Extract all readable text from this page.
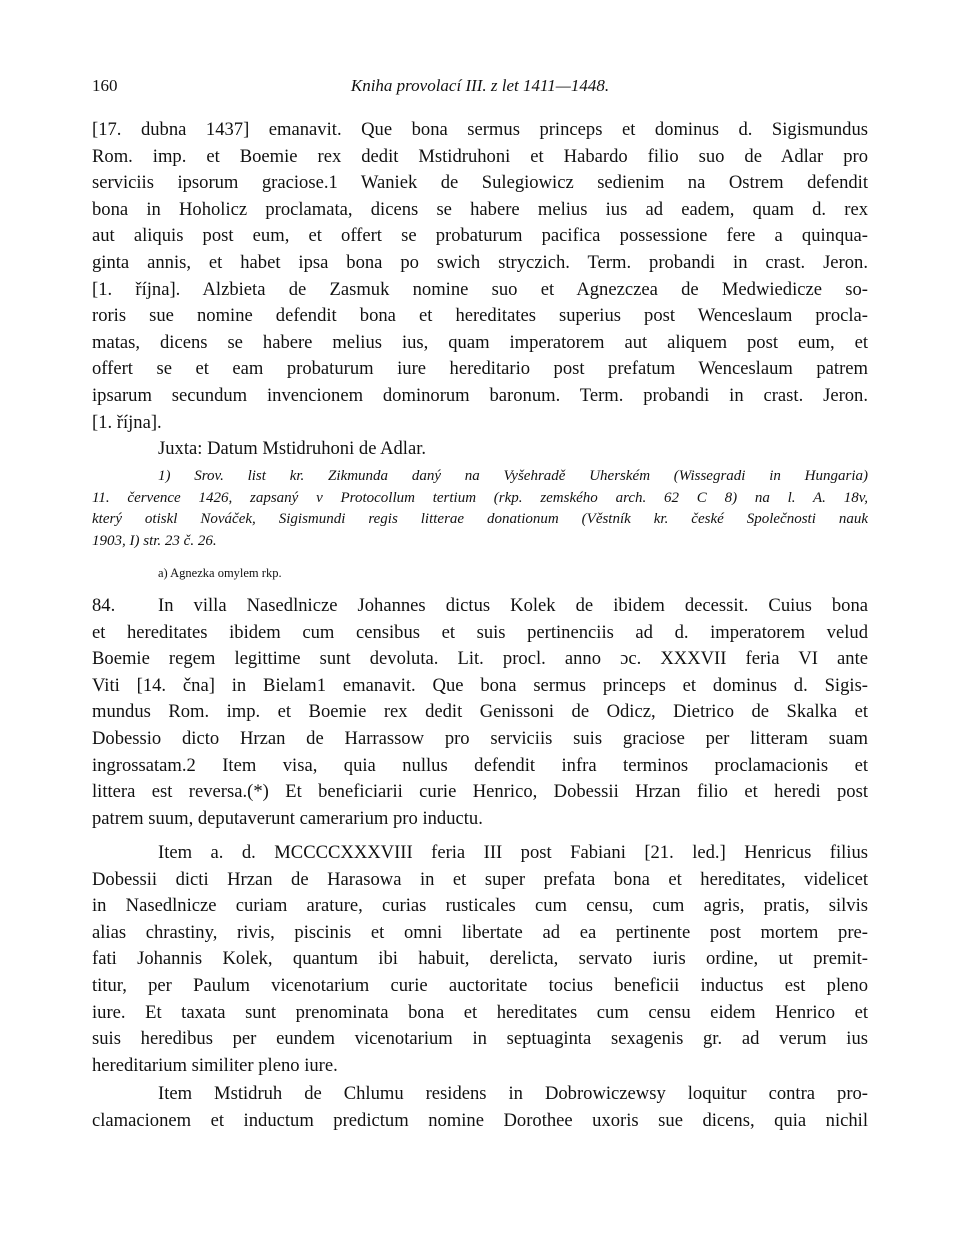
160	Kniha provolací III. z let 1411—1448.
[17. dubna 1437] emanavit. Que bona sermus princeps et dominus d. Sigismundus
Rom. imp. et Boemie rex dedit Mstidruhoni et Habardo filio suo de Adlar pro
serviciis ipsorum graciose.1 Waniek de Sulegiowicz sedienim na Ostrem defendit
bona in Hoholicz proclamata, dicens se habere melius ius ad eadem, quam d. rex
aut aliquis post eum, et offert se probaturum pacifica possessione fere a quinqua-
ginta annis, et habet ipsa bona po swich stryczich. Term. probandi in crast. Jeron.
[1. října]. Alzbieta de Zasmuk nomine suo et Agnezczea de Medwiedicze so-
roris sue nomine defendit bona et hereditates superius post Wenceslaum procla-
matas, dicens se habere melius ius, quam imperatorem aut aliquem post eum, et
offert se et eam probaturum iure hereditario post prefatum Wenceslaum patrem
ipsarum secundum invencionem dominorum baronum. Term. probandi in crast. Jeron.
[1. října].
Juxta: Datum Mstidruhoni de Adlar.
1) Srov. list kr. Zikmunda daný na Vyšehradě Uherském (Wissegradi in Hungaria)
11. července 1426, zapsaný v Protocollum tertium (rkp. zemského arch. 62 C 8) na l. A. 18v,
který otiskl Nováček, Sigismundi regis litterae donationum (Věstník kr. české Společnosti nauk
1903, I) str. 23 č. 26.
a) Agnezka omylem rkp.
84. In villa Nasedlnicze Johannes dictus Kolek de ibidem decessit. Cuius bona
et hereditates ibidem cum censibus et suis pertinenciis ad d. imperatorem velud
Boemie regem legittime sunt devoluta. Lit. procl. anno ɔc. XXXVII feria VI ante
Viti [14. čna] in Bielam1 emanavit. Que bona sermus princeps et dominus d. Sigis-
mundus Rom. imp. et Boemie rex dedit Genissoni de Odicz, Dietrico de Skalka et
Dobessio dicto Hrzan de Harrassow pro serviciis suis graciose per litteram suam
ingrossatam.2 Item visa, quia nullus defendit infra terminos proclamacionis et
littera est reversa.(*) Et beneficiarii curie Henrico, Dobessii Hrzan filio et heredi post
patrem suum, deputaverunt camerarium pro inductu.
Item a. d. MCCCCXXXVIII feria III post Fabiani [21. led.] Henricus filius
Dobessii dicti Hrzan de Harasowa in et super prefata bona et hereditates, videlicet
in Nasedlnicze curiam arature, curias rusticales cum censu, cum agris, pratis, silvis
alias chrastiny, rivis, piscinis et omni libertate ad ea pertinente post mortem pre-
fati Johannis Kolek, quantum ibi habuit, derelicta, servato iuris ordine, ut premit-
titur, per Paulum vicenotarium curie auctoritate tocius beneficii inductus est pleno
iure. Et taxata sunt prenominata bona et hereditates cum censu eidem Henrico et
suis heredibus per eundem vicenotarium in septuaginta sexagenis gr. ad verum ius
hereditarium similiter pleno iure.
Item Mstidruh de Chlumu residens in Dobrowiczewsy loquitur contra pro-
clamacionem et inductum predictum nomine Dorothee uxoris sue dicens, quia nichil
